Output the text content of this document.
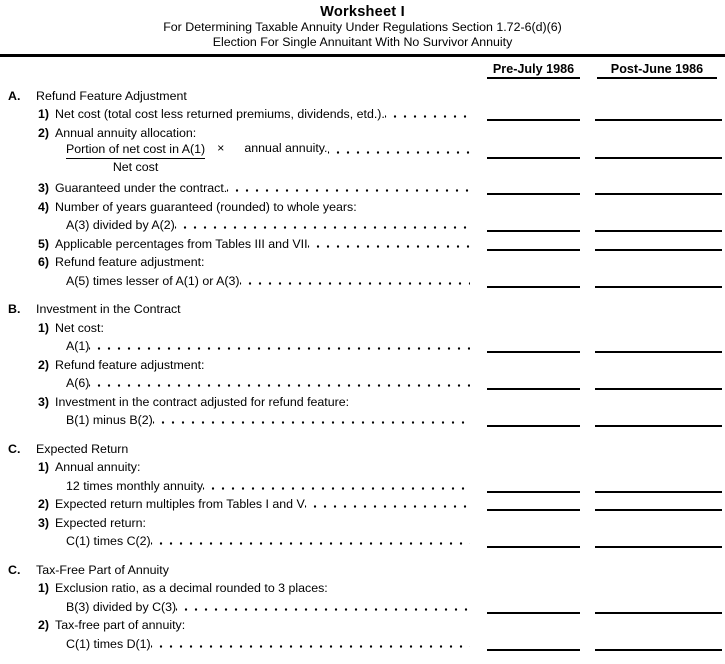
Worksheet I
For Determining Taxable Annuity Under Regulations Section 1.72-6(d)(6)
Election For Single Annuitant With No Survivor Annuity
Pre-July 1986	Post-June 1986
A.	Refund Feature Adjustment
1) Net cost (total cost less returned premiums, dividends, etd.).
2) Annual annuity allocation:
$\frac{\text{Portion of net cost in A(1)}}{\text{Net cost}}$ × annual annuity.
3) Guaranteed under the contract.
4) Number of years guaranteed (rounded) to whole years:
A(3) divided by A(2)
5) Applicable percentages from Tables III and VII
6) Refund feature adjustment:
A(5) times lesser of A(1) or A(3)
B.	Investment in the Contract
1) Net cost:
A(1)
2) Refund feature adjustment:
A(6)
3) Investment in the contract adjusted for refund feature:
B(1) minus B(2)
C.	Expected Return
1) Annual annuity:
12 times monthly annuity
2) Expected return multiples from Tables I and V
3) Expected return:
C(1) times C(2)
C.	Tax-Free Part of Annuity
1) Exclusion ratio, as a decimal rounded to 3 places:
B(3) divided by C(3)
2) Tax-free part of annuity:
C(1) times D(1)
